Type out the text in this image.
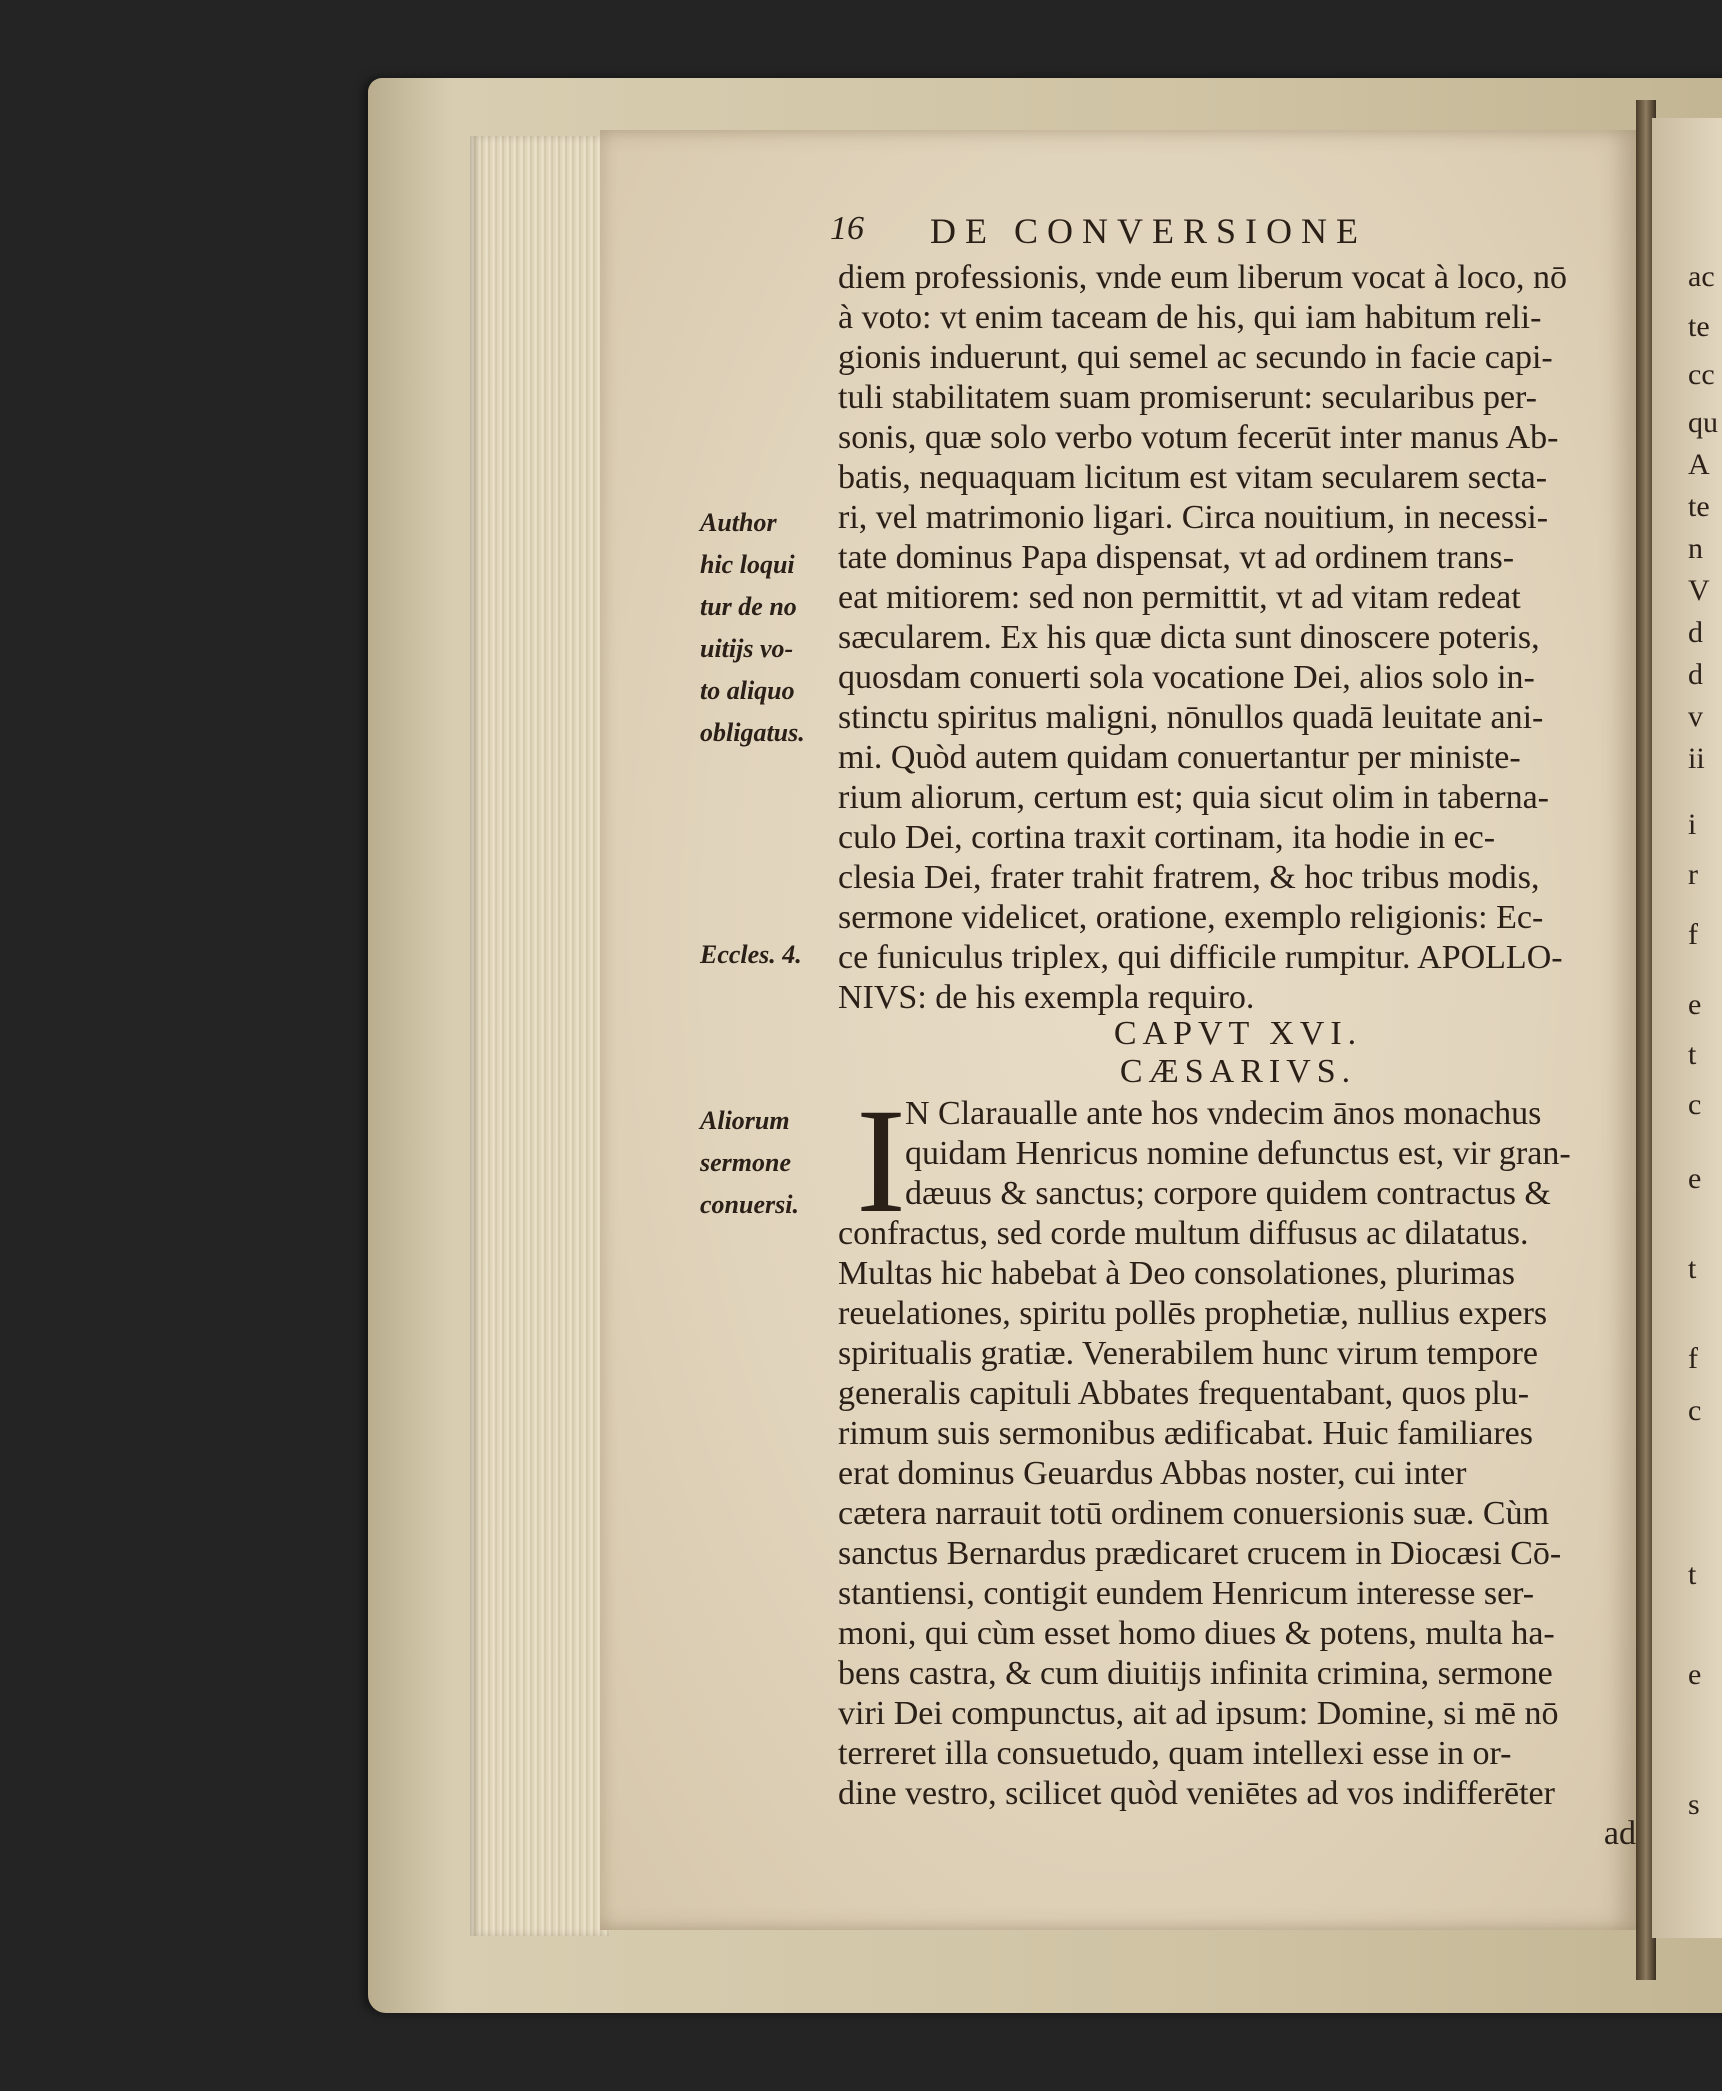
ac
te
cc
qu
A
te
n
V
d
d
v
ii
i
r
f
e
t
c
e
t
f
c
t
e
s
16 DE CONVERSIONE
diem professionis, vnde eum liberum vocat à loco, nō
à voto: vt enim taceam de his, qui iam habitum reli-
gionis induerunt, qui semel ac secundo in facie capi-
tuli stabilitatem suam promiserunt: secularibus per-
sonis, quæ solo verbo votum fecerūt inter manus Ab-
batis, nequaquam licitum est vitam secularem secta-
ri, vel matrimonio ligari. Circa nouitium, in necessi-
tate dominus Papa dispensat, vt ad ordinem trans-
eat mitiorem: sed non permittit, vt ad vitam redeat
sæcularem. Ex his quæ dicta sunt dinoscere poteris,
quosdam conuerti sola vocatione Dei, alios solo in-
stinctu spiritus maligni, nōnullos quadā leuitate ani-
mi. Quòd autem quidam conuertantur per ministe-
rium aliorum, certum est; quia sicut olim in taberna-
culo Dei, cortina traxit cortinam, ita hodie in ec-
clesia Dei, frater trahit fratrem, & hoc tribus modis,
sermone videlicet, oratione, exemplo religionis: Ec-
ce funiculus triplex, qui difficile rumpitur. APOLLO-
NIVS: de his exempla requiro.
CAPVT XVI.
CÆSARIVS.
I N Claraualle ante hos vndecim ānos monachus
quidam Henricus nomine defunctus est, vir gran-
dæuus & sanctus; corpore quidem contractus &
confractus, sed corde multum diffusus ac dilatatus.
Multas hic habebat à Deo consolationes, plurimas
reuelationes, spiritu pollēs prophetiæ, nullius expers
spiritualis gratiæ. Venerabilem hunc virum tempore
generalis capituli Abbates frequentabant, quos plu-
rimum suis sermonibus ædificabat. Huic familiares
erat dominus Geuardus Abbas noster, cui inter
cætera narrauit totū ordinem conuersionis suæ. Cùm
sanctus Bernardus prædicaret crucem in Diocæsi Cō-
stantiensi, contigit eundem Henricum interesse ser-
moni, qui cùm esset homo diues & potens, multa ha-
bens castra, & cum diuitijs infinita crimina, sermone
viri Dei compunctus, ait ad ipsum: Domine, si mē nō
terreret illa consuetudo, quam intellexi esse in or-
dine vestro, scilicet quòd veniētes ad vos indifferēter
ad
Author
hic loqui
tur de no
uitijs vo-
to aliquo
obligatus.
Eccles. 4.
Aliorum
sermone
conuersi.
